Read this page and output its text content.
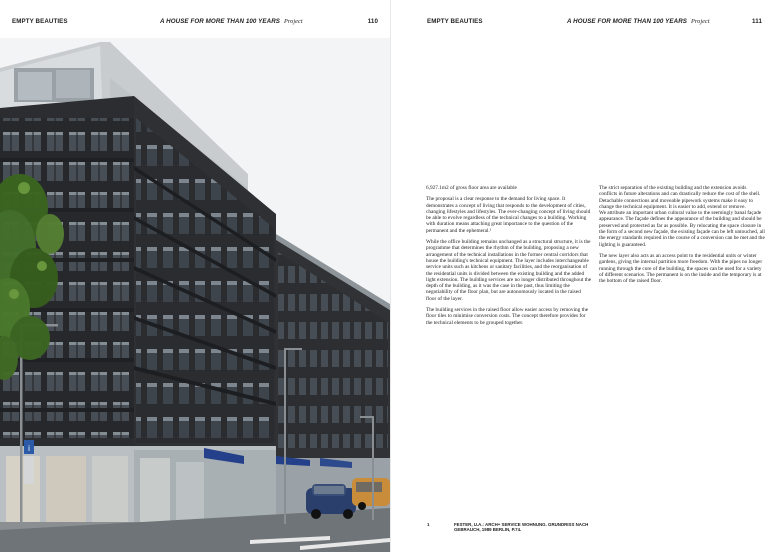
EMPTY BEAUTIES	A HOUSE FOR MORE THAN 100 YEARS Project	110
i
EMPTY BEAUTIES	A HOUSE FOR MORE THAN 100 YEARS Project	111

6,927.1m2 of gross floor area are available

The proposal is a clear response to the demand for living space. It demonstrates a concept of living that responds to the development of cities, changing lifestyles and lifestyles. The ever-changing concept of living should be able to evolve regardless of the technical changes to a building. Working with duration means attaching great importance to the question of the permanent and the ephemeral.¹

While the office building remains unchanged as a structural structure, it is the programme that determines the rhythm of the building, proposing a new arrangement of the technical installations in the former central corridors that house the building's technical equipment. The layer includes interchangeable service units such as kitchens or sanitary facilities, and the reorganisation of the residential units is divided between the existing building and the added light extension. The building services are no longer distributed throughout the depth of the building, as it was the case in the past, thus limiting the negotiability of the floor plan, but are autonomously located in the raised floor of the layer.

The building services in the raised floor allow easier access by removing the floor tiles to minimise conversion costs. The concept therefore provides for the technical elements to be grouped together.

The strict separation of the existing building and the extension avoids conflicts in future alterations and can drastically reduce the cost of the shell. Detachable connections and moveable pipework systems make it easy to change the technical equipment. It is easier to add, extend or remove.
We attribute an important urban cultural value to the seemingly banal façade appearance. The façade defines the appearance of the building and should be preserved and protected as far as possible. By relocating the space closure in the form of a second new façade, the existing façade can be left untouched, all the energy standards required in the course of a conversion can be met and the lighting is guaranteed.

The new layer also acts as an access point to the residential units or winter gardens, giving the internal partition more freedom. With the pipes no longer running through the core of the building, the spaces can be used for a variety of different scenarios. The permanent is on the inside and the temporary is at the bottom of the raised floor.

1	FESTER, U.A.: ARCH+ SERVICE WOHNUNG. GRUNDRISS NACH GEBRAUCH, 1989 BERLIN, P.74.
